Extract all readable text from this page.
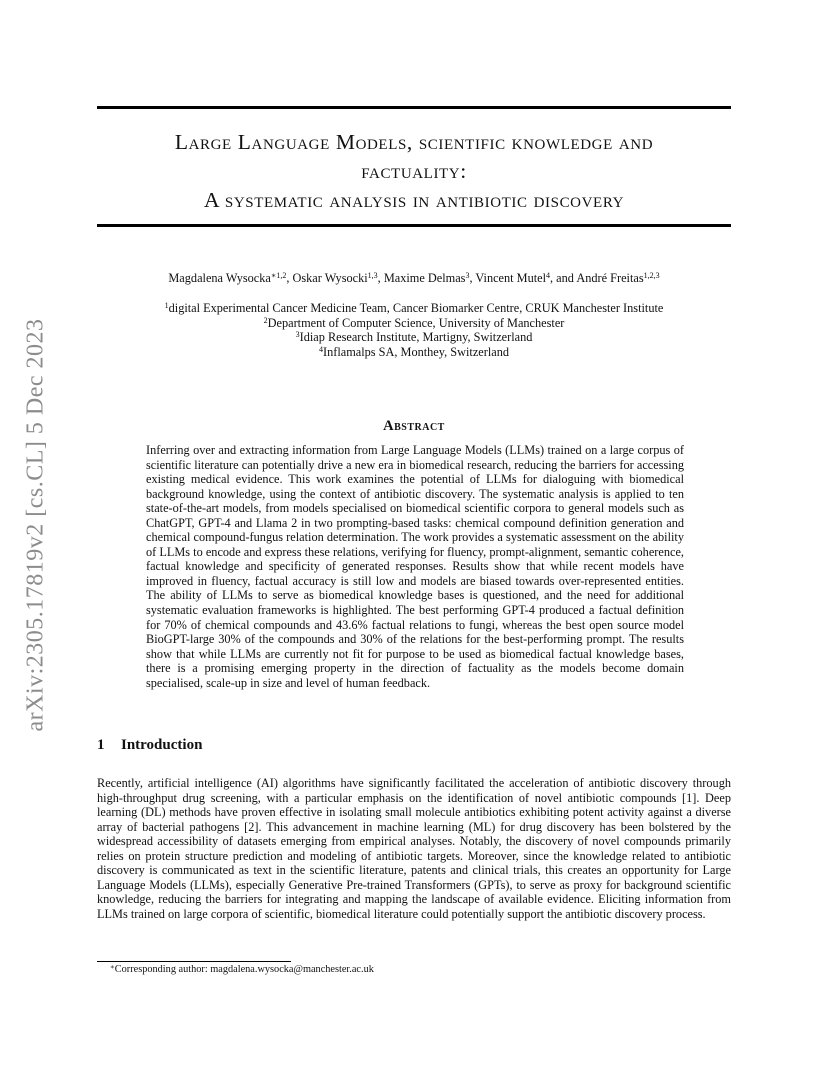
arXiv:2305.17819v2 [cs.CL] 5 Dec 2023
Large Language Models, scientific knowledge and
factuality:
A systematic analysis in antibiotic discovery
Magdalena Wysocka$^{∗1,2}$, Oskar Wysocki$^{1,3}$, Maxime Delmas$^3$, Vincent Mutel$^4$, and André Freitas$^{1,2,3}$
$^1$digital Experimental Cancer Medicine Team, Cancer Biomarker Centre, CRUK Manchester Institute
$^2$Department of Computer Science, University of Manchester
$^3$Idiap Research Institute, Martigny, Switzerland
$^4$Inflamalps SA, Monthey, Switzerland
Abstract
Inferring over and extracting information from Large Language Models (LLMs) trained on a large corpus of scientific literature can potentially drive a new era in biomedical research, reducing the barriers for accessing existing medical evidence. This work examines the potential of LLMs for dialoguing with biomedical background knowledge, using the context of antibiotic discovery. The systematic analysis is applied to ten state-of-the-art models, from models specialised on biomedical scientific corpora to general models such as ChatGPT, GPT-4 and Llama 2 in two prompting-based tasks: chemical compound definition generation and chemical compound-fungus relation determination. The work provides a systematic assessment on the ability of LLMs to encode and express these relations, verifying for fluency, prompt-alignment, semantic coherence, factual knowledge and specificity of generated responses. Results show that while recent models have improved in fluency, factual accuracy is still low and models are biased towards over-represented entities. The ability of LLMs to serve as biomedical knowledge bases is questioned, and the need for additional systematic evaluation frameworks is highlighted. The best performing GPT-4 produced a factual definition for 70% of chemical compounds and 43.6% factual relations to fungi, whereas the best open source model BioGPT-large 30% of the compounds and 30% of the relations for the best-performing prompt. The results show that while LLMs are currently not fit for purpose to be used as biomedical factual knowledge bases, there is a promising emerging property in the direction of factuality as the models become domain specialised, scale-up in size and level of human feedback.
1 Introduction
Recently, artificial intelligence (AI) algorithms have significantly facilitated the acceleration of antibiotic discovery through high-throughput drug screening, with a particular emphasis on the identification of novel antibiotic compounds [1]. Deep learning (DL) methods have proven effective in isolating small molecule antibiotics exhibiting potent activity against a diverse array of bacterial pathogens [2]. This advancement in machine learning (ML) for drug discovery has been bolstered by the widespread accessibility of datasets emerging from empirical analyses. Notably, the discovery of novel compounds primarily relies on protein structure prediction and modeling of antibiotic targets. Moreover, since the knowledge related to antibiotic discovery is communicated as text in the scientific literature, patents and clinical trials, this creates an opportunity for Large Language Models (LLMs), especially Generative Pre-trained Transformers (GPTs), to serve as proxy for background scientific knowledge, reducing the barriers for integrating and mapping the landscape of available evidence. Eliciting information from LLMs trained on large corpora of scientific, biomedical literature could potentially support the antibiotic discovery process.
∗Corresponding author: magdalena.wysocka@manchester.ac.uk
